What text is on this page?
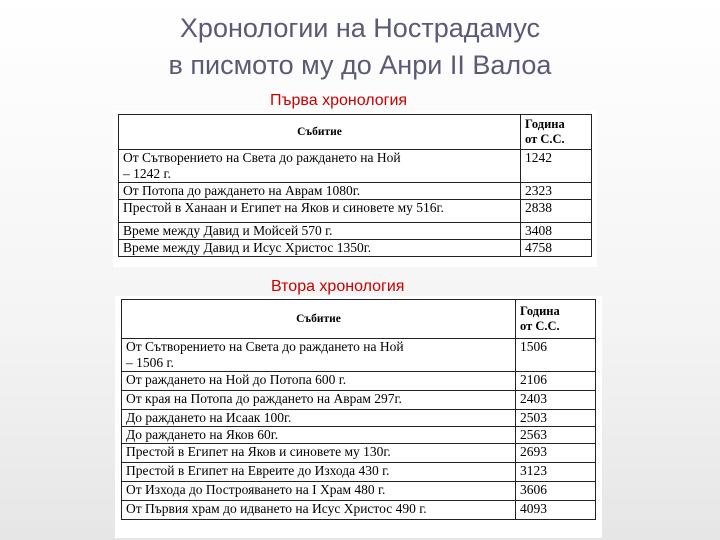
Хронологии на Нострадамус
в писмото му до Анри II Валоа
Първа хронология
Събитие	Година
от С.С.

От Сътворението на Света до раждането на Ной
– 1242 г.	1242
От Потопа до раждането на Аврам 1080г.	2323
Престой в Ханаан и Египет на Яков и синовете му 516г.	2838
Време между Давид и Мойсей 570 г.	3408
Време между Давид и Исус Христос 1350г.	4758
Втора хронология
Събитие	Година
от С.С.

От Сътворението на Света до раждането на Ной
– 1506 г.	1506
От раждането на Ной до Потопа 600 г.	2106
От края на Потопа до раждането на Аврам 297г.	2403
До раждането на Исаак 100г.	2503
До раждането на Яков 60г.	2563
Престой в Египет на Яков и синовете му 130г.	2693
Престой в Египет на Евреите до Изхода 430 г.	3123
От Изхода до Построяването на I Храм 480 г.	3606
От Първия храм до идването на Исус Христос 490 г.	4093
